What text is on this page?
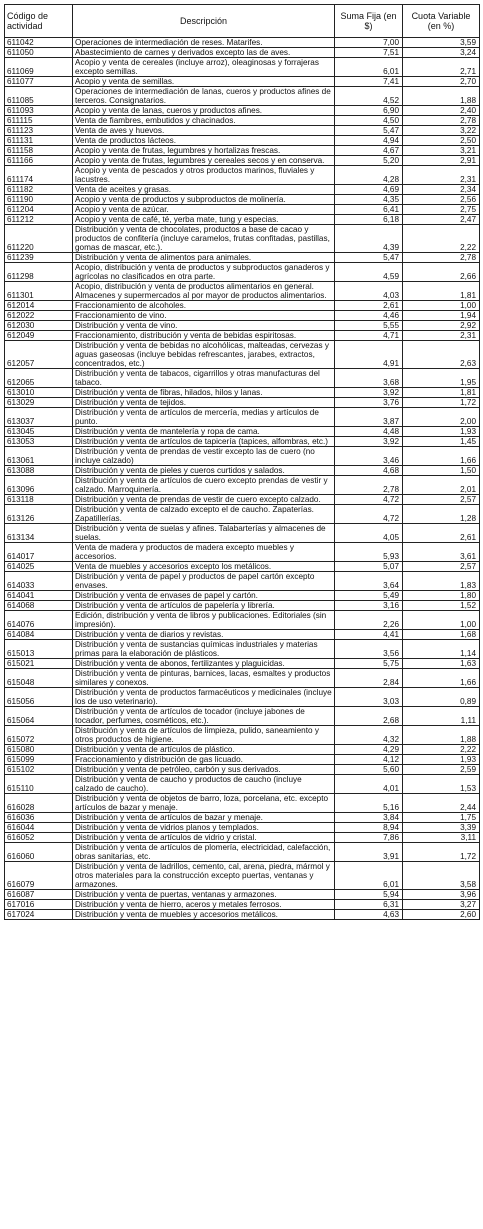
Código de actividad	Descripción	Suma Fija (en $)	Cuota Variable (en %)
611042	Operaciones de intermediación de reses. Matarifes.	7,00	3,59
611050	Abastecimiento de carnes y derivados excepto las de aves.	7,51	3,24
611069	Acopio y venta de cereales (incluye arroz), oleaginosas y forrajeras excepto semillas.	6,01	2,71
611077	Acopio y venta de semillas.	7,41	2,70
611085	Operaciones de intermediación de lanas, cueros y productos afines de terceros. Consignatarios.	4,52	1,88
611093	Acopio y venta de lanas, cueros y productos afines.	6,90	2,40
611115	Venta de fiambres, embutidos y chacinados.	4,50	2,78
611123	Venta de aves y huevos.	5,47	3,22
611131	Venta de productos lácteos.	4,94	2,50
611158	Acopio y venta de frutas, legumbres y hortalizas frescas.	4,67	3,21
611166	Acopio y venta de frutas, legumbres y cereales secos y en conserva.	5,20	2,91
611174	Acopio y venta de pescados y otros productos marinos, fluviales y lacustres.	4,28	2,31
611182	Venta de aceites y grasas.	4,69	2,34
611190	Acopio y venta de productos y subproductos de molinería.	4,35	2,56
611204	Acopio y venta de azúcar.	6,41	2,75
611212	Acopio y venta de café, té, yerba mate, tung y especias.	6,18	2,47
611220	Distribución y venta de chocolates, productos a base de cacao y productos de confitería (incluye caramelos, frutas confitadas, pastillas, gomas de mascar, etc.).	4,39	2,22
611239	Distribución y venta de alimentos para animales.	5,47	2,78
611298	Acopio, distribución y venta de productos y subproductos ganaderos y agrícolas no clasificados en otra parte.	4,59	2,66
611301	Acopio, distribución y venta de productos alimentarios en general. Almacenes y supermercados al por mayor de productos alimentarios.	4,03	1,81
612014	Fraccionamiento de alcoholes.	2,61	1,00
612022	Fraccionamiento de vino.	4,46	1,94
612030	Distribución y venta de vino.	5,55	2,92
612049	Fraccionamiento, distribución y venta de bebidas espiritosas.	4,71	2,31
612057	Distribución y venta de bebidas no alcohólicas, malteadas, cervezas y aguas gaseosas (incluye bebidas refrescantes, jarabes, extractos, concentrados, etc.)	4,91	2,63
612065	Distribución y venta de tabacos, cigarrillos y otras manufacturas del tabaco.	3,68	1,95
613010	Distribución y venta de fibras, hilados, hilos y lanas.	3,92	1,81
613029	Distribución y venta de tejidos.	3,76	1,72
613037	Distribución y venta de artículos de mercería, medias y artículos de punto.	3,87	2,00
613045	Distribución y venta de mantelería y ropa de cama.	4,48	1,93
613053	Distribución y venta de artículos de tapicería (tapices, alfombras, etc.)	3,92	1,45
613061	Distribución y venta de prendas de vestir excepto las de cuero (no incluye calzado)	3,46	1,66
613088	Distribución y venta de pieles y cueros curtidos y salados.	4,68	1,50
613096	Distribución y venta de artículos de cuero excepto prendas de vestir y calzado. Marroquinería.	2,78	2,01
613118	Distribución y venta de prendas de vestir de cuero excepto calzado.	4,72	2,57
613126	Distribución y venta de calzado excepto el de caucho. Zapaterías. Zapatillerías.	4,72	1,28
613134	Distribución y venta de suelas y afines. Talabarterías y almacenes de suelas.	4,05	2,61
614017	Venta de madera y productos de madera excepto muebles y accesorios.	5,93	3,61
614025	Venta de muebles y accesorios excepto los metálicos.	5,07	2,57
614033	Distribución y venta de papel y productos de papel cartón excepto envases.	3,64	1,83
614041	Distribución y venta de envases de papel y cartón.	5,49	1,80
614068	Distribución y venta de artículos de papelería y librería.	3,16	1,52
614076	Edición, distribución y venta de libros y publicaciones. Editoriales (sin impresión).	2,26	1,00
614084	Distribución y venta de diarios y revistas.	4,41	1,68
615013	Distribución y venta de sustancias químicas industriales y materias primas para la elaboración de plásticos.	3,56	1,14
615021	Distribución y venta de abonos, fertilizantes y plaguicidas.	5,75	1,63
615048	Distribución y venta de pinturas, barnices, lacas, esmaltes y productos similares y conexos.	2,84	1,66
615056	Distribución y venta de productos farmacéuticos y medicinales (incluye los de uso veterinario).	3,03	0,89
615064	Distribución y venta de artículos de tocador (incluye jabones de tocador, perfumes, cosméticos, etc.).	2,68	1,11
615072	Distribución y venta de artículos de limpieza, pulido, saneamiento y otros productos de higiene.	4,32	1,88
615080	Distribución y venta de artículos de plástico.	4,29	2,22
615099	Fraccionamiento y distribución de gas licuado.	4,12	1,93
615102	Distribución y venta de petróleo, carbón y sus derivados.	5,60	2,59
615110	Distribución y venta de caucho y productos de caucho (incluye calzado de caucho).	4,01	1,53
616028	Distribución y venta de objetos de barro, loza, porcelana, etc. excepto artículos de bazar y menaje.	5,16	2,44
616036	Distribución y venta de artículos de bazar y menaje.	3,84	1,75
616044	Distribución y venta de vidrios planos y templados.	8,94	3,39
616052	Distribución y venta de artículos de vidrio y cristal.	7,86	3,11
616060	Distribución y venta de artículos de plomería, electricidad, calefacción, obras sanitarias, etc.	3,91	1,72
616079	Distribución y venta de ladrillos, cemento, cal, arena, piedra, mármol y otros materiales para la construcción excepto puertas, ventanas y armazones.	6,01	3,58
616087	Distribución y venta de puertas, ventanas y armazones.	5,94	3,96
617016	Distribución y venta de hierro, aceros y metales ferrosos.	6,31	3,27
617024	Distribución y venta de muebles y accesorios metálicos.	4,63	2,60
